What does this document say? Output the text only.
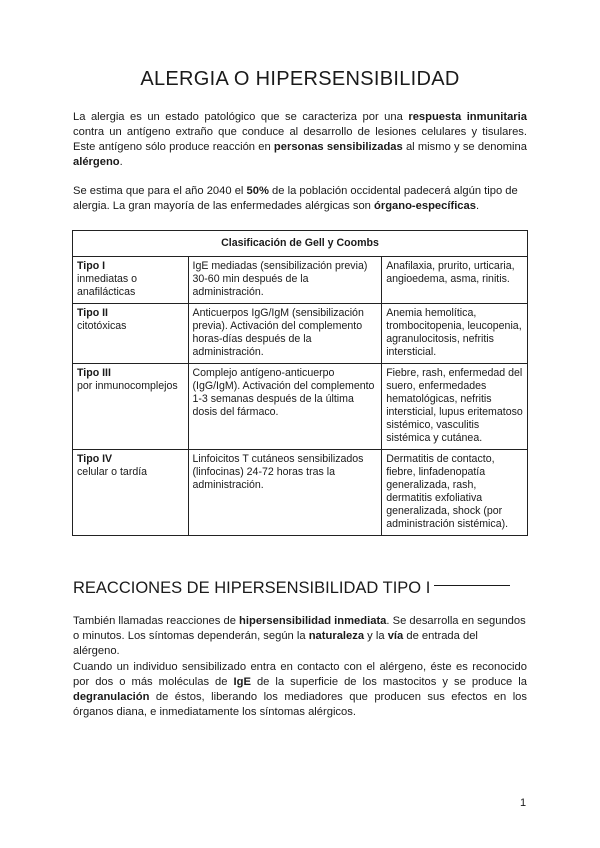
ALERGIA O HIPERSENSIBILIDAD

La alergia es un estado patológico que se caracteriza por una respuesta inmunitaria contra un antígeno extraño que conduce al desarrollo de lesiones celulares y tisulares. Este antígeno sólo produce reacción en personas sensibilizadas al mismo y se denomina alérgeno.

Se estima que para el año 2040 el 50% de la población occidental padecerá algún tipo de alergia. La gran mayoría de las enfermedades alérgicas son órgano-específicas.

Clasificación de Gell y Coombs		

Tipo I
inmediatas o anafilácticas	IgE mediadas (sensibilización previa) 30-60 min después de la administración.	Anafilaxia, prurito, urticaria, angioedema, asma, rinitis.

Tipo II
citotóxicas	Anticuerpos IgG/IgM (sensibilización previa). Activación del complemento horas-días después de la administración.	Anemia hemolítica, trombocitopenia, leucopenia, agranulocitosis, nefritis intersticial.

Tipo III
por inmunocomplejos	Complejo antígeno-anticuerpo (IgG/IgM). Activación del complemento 1-3 semanas después de la última dosis del fármaco.	Fiebre, rash, enfermedad del suero, enfermedades hematológicas, nefritis intersticial, lupus eritematoso sistémico, vasculitis sistémica y cutánea.

Tipo IV
celular o tardía	Linfoicitos T cutáneos sensibilizados (linfocinas) 24-72 horas tras la administración.	Dermatitis de contacto, fiebre, linfadenopatía generalizada, rash, dermatitis exfoliativa generalizada, shock (por administración sistémica).
REACCIONES DE HIPERSENSIBILIDAD TIPO I

También llamadas reacciones de hipersensibilidad inmediata. Se desarrolla en segundos o minutos. Los síntomas dependerán, según la naturaleza y la vía de entrada del alérgeno.

Cuando un individuo sensibilizado entra en contacto con el alérgeno, éste es reconocido por dos o más moléculas de IgE de la superficie de los mastocitos y se produce la degranulación de éstos, liberando los mediadores que producen sus efectos en los órganos diana, e inmediatamente los síntomas alérgicos.

1
